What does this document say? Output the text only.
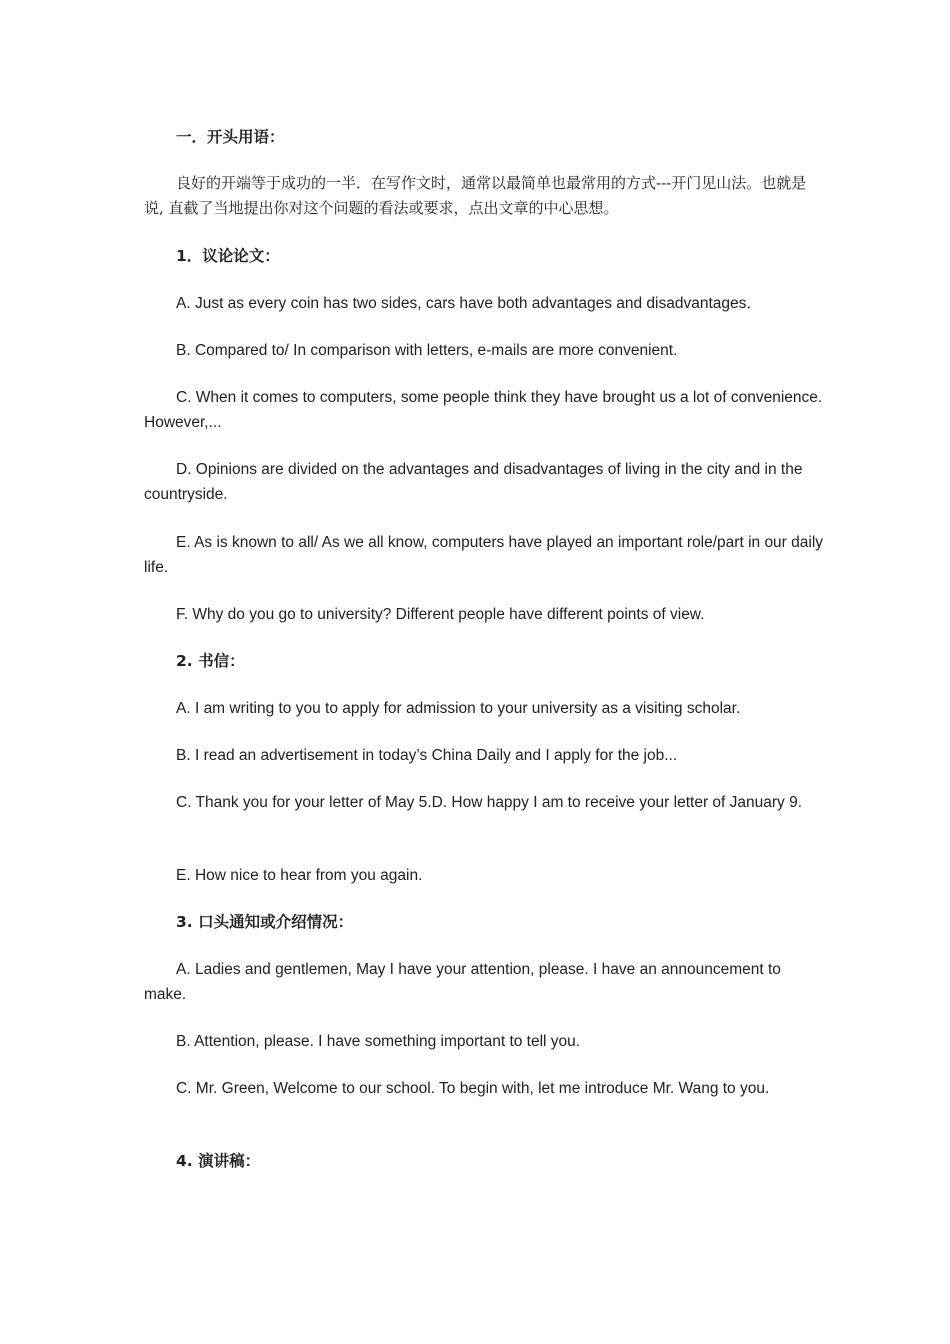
一．开头用语：

良好的开端等于成功的一半．在写作文时，通常以最简单也最常用的方式---开门见山法。也就是说, 直截了当地提出你对这个问题的看法或要求，点出文章的中心思想。

1．议论论文：

A. Just as every coin has two sides, cars have both advantages and disadvantages．

B. Compared to/ In comparison with letters, e-mails are more convenient.

C. When it comes to computers, some people think they have brought us a lot of convenience. However,...

D. Opinions are divided on the advantages and disadvantages of living in the city and in the countryside.

E. As is known to all/ As we all know, computers have played an important role/part in our daily life.

F. Why do you go to university? Different people have different points of view.

2. 书信：

A. I am writing to you to apply for admission to your university as a visiting scholar.

B. I read an advertisement in today’s China Daily and I apply for the job...

C. Thank you for your letter of May 5.D. How happy I am to receive your letter of January 9.

E. How nice to hear from you again.

3. 口头通知或介绍情况：

A. Ladies and gentlemen, May I have your attention, please. I have an announcement to make.

B. Attention, please. I have something important to tell you.

C. Mr. Green, Welcome to our school. To begin with, let me introduce Mr. Wang to you.

4. 演讲稿：
